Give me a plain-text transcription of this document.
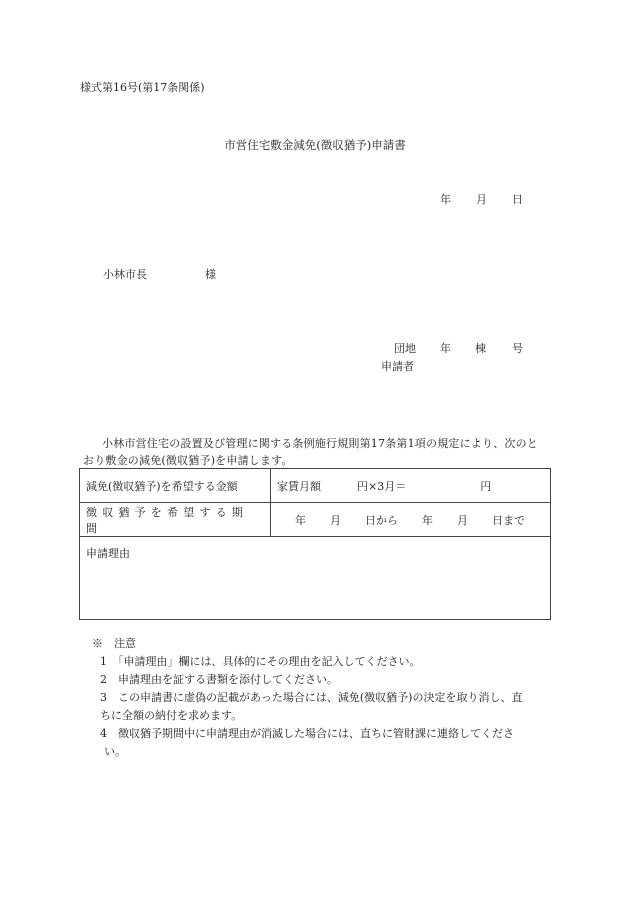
様式第16号(第17条関係)
市営住宅敷金減免(徴収猶予)申請書
年 月 日
小林市長	様
団地 年 棟 号
申請者

小林市営住宅の設置及び管理に関する条例施行規則第17条第1項の規定により、次のと

おり敷金の減免(徴収猶予)を申請します。

減免(徴収猶予)を希望する金額	家賃月額 円×3月＝ 円
徴収猶予を希望する期間	年 月 日から 年 月 日まで
申請理由	

※　注意

1　「申請理由」欄には、具体的にその理由を記入してください。

2　申請理由を証する書類を添付してください。

3　この申請書に虚偽の記載があった場合には、減免(徴収猶予)の決定を取り消し、直

ちに全額の納付を求めます。

4　徴収猶予期間中に申請理由が消滅した場合には、直ちに管財課に連絡してくださ

い。
